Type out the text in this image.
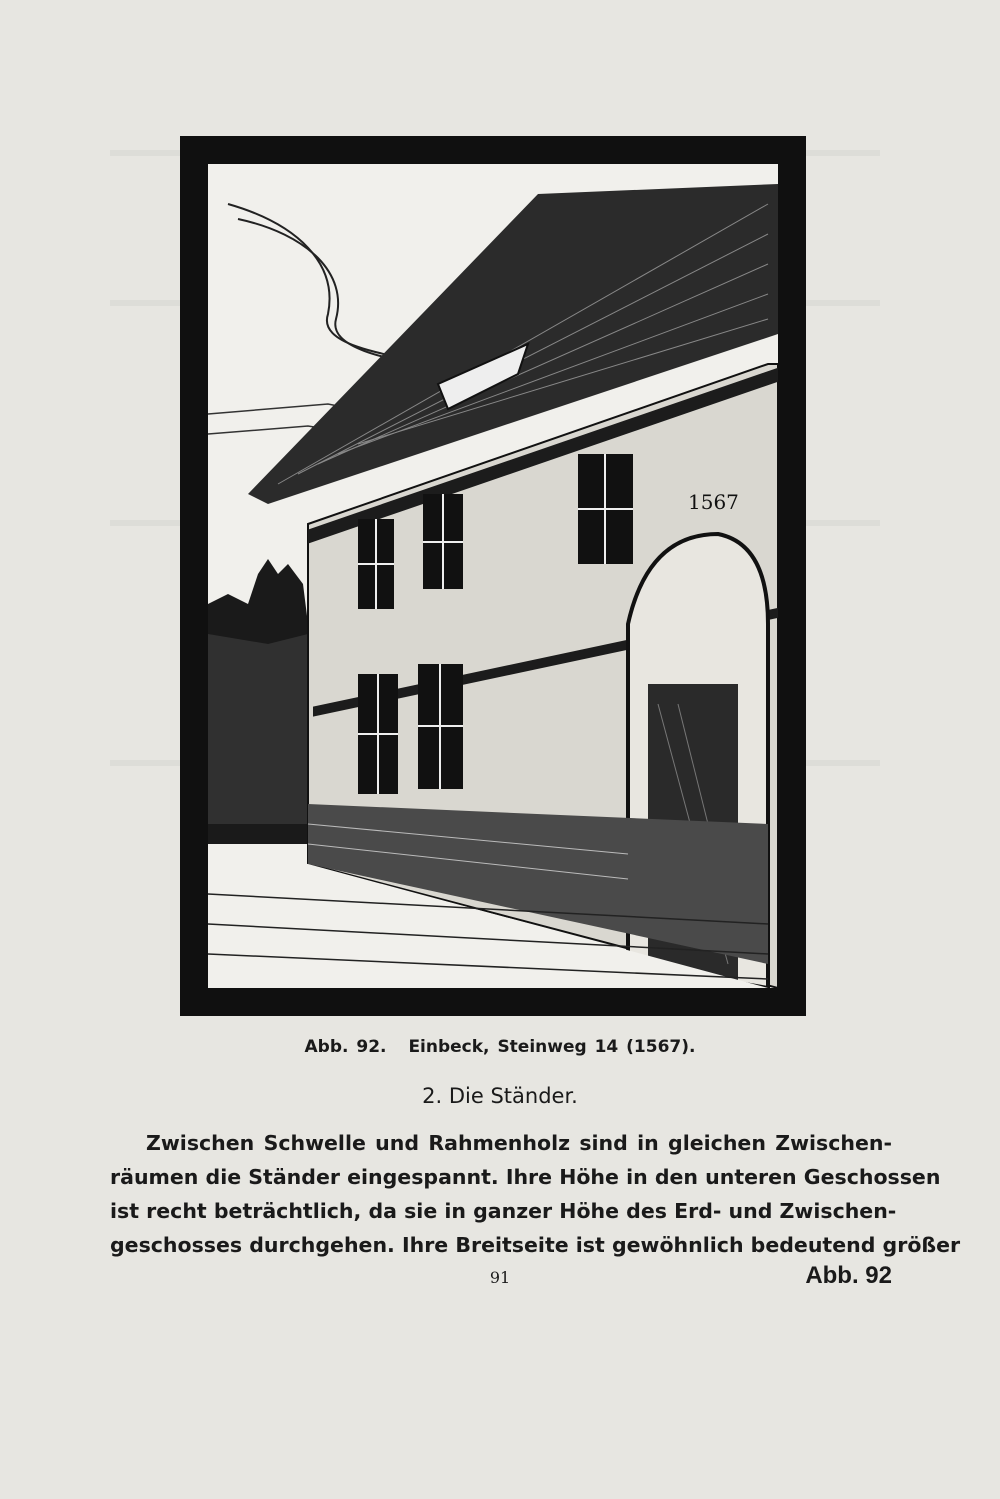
1567
Abb. 92. Einbeck, Steinweg 14 (1567).
2. Die Ständer.
Zwischen Schwelle und Rahmenholz sind in gleichen Zwischen-
räumen die Ständer eingespannt. Ihre Höhe in den unteren Geschossen
ist recht beträchtlich, da sie in ganzer Höhe des Erd- und Zwischen-
geschosses durchgehen. Ihre Breitseite ist gewöhnlich bedeutend größer
91	Abb. 92
